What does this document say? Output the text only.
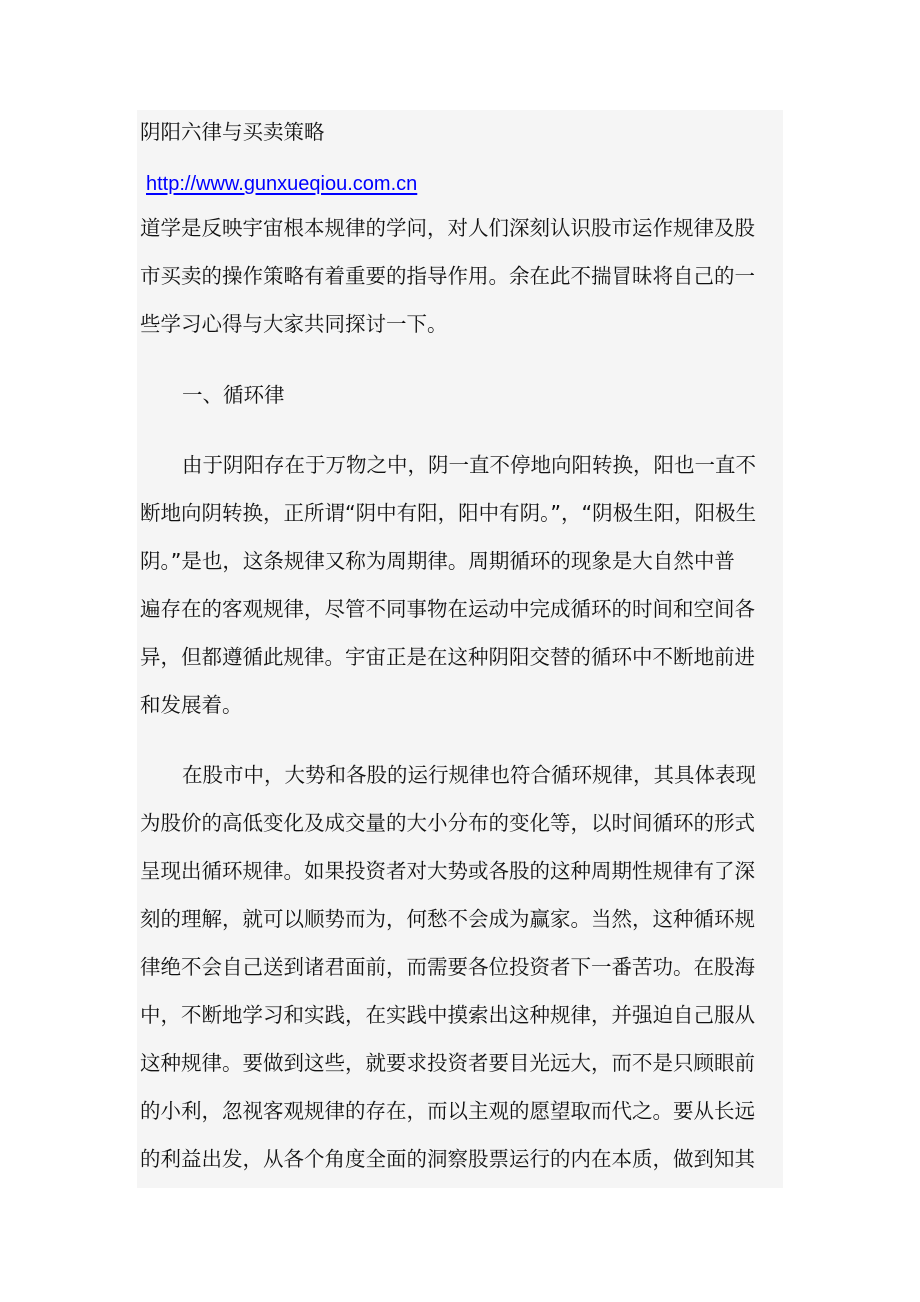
阴阳六律与买卖策略
http://www.gunxueqiou.com.cn
道学是反映宇宙根本规律的学问，对人们深刻认识股市运作规律及股
市买卖的操作策略有着重要的指导作用。余在此不揣冒昧将自己的一
些学习心得与大家共同探讨一下。
一、循环律
由于阴阳存在于万物之中，阴一直不停地向阳转换，阳也一直不
断地向阴转换，正所谓“阴中有阳，阳中有阴。”，“阴极生阳，阳极生
阴。”是也，这条规律又称为周期律。周期循环的现象是大自然中普
遍存在的客观规律，尽管不同事物在运动中完成循环的时间和空间各
异，但都遵循此规律。宇宙正是在这种阴阳交替的循环中不断地前进
和发展着。
在股市中，大势和各股的运行规律也符合循环规律，其具体表现
为股价的高低变化及成交量的大小分布的变化等，以时间循环的形式
呈现出循环规律。如果投资者对大势或各股的这种周期性规律有了深
刻的理解，就可以顺势而为，何愁不会成为赢家。当然，这种循环规
律绝不会自己送到诸君面前，而需要各位投资者下一番苦功。在股海
中，不断地学习和实践，在实践中摸索出这种规律，并强迫自己服从
这种规律。要做到这些，就要求投资者要目光远大，而不是只顾眼前
的小利，忽视客观规律的存在，而以主观的愿望取而代之。要从长远
的利益出发，从各个角度全面的洞察股票运行的内在本质，做到知其
